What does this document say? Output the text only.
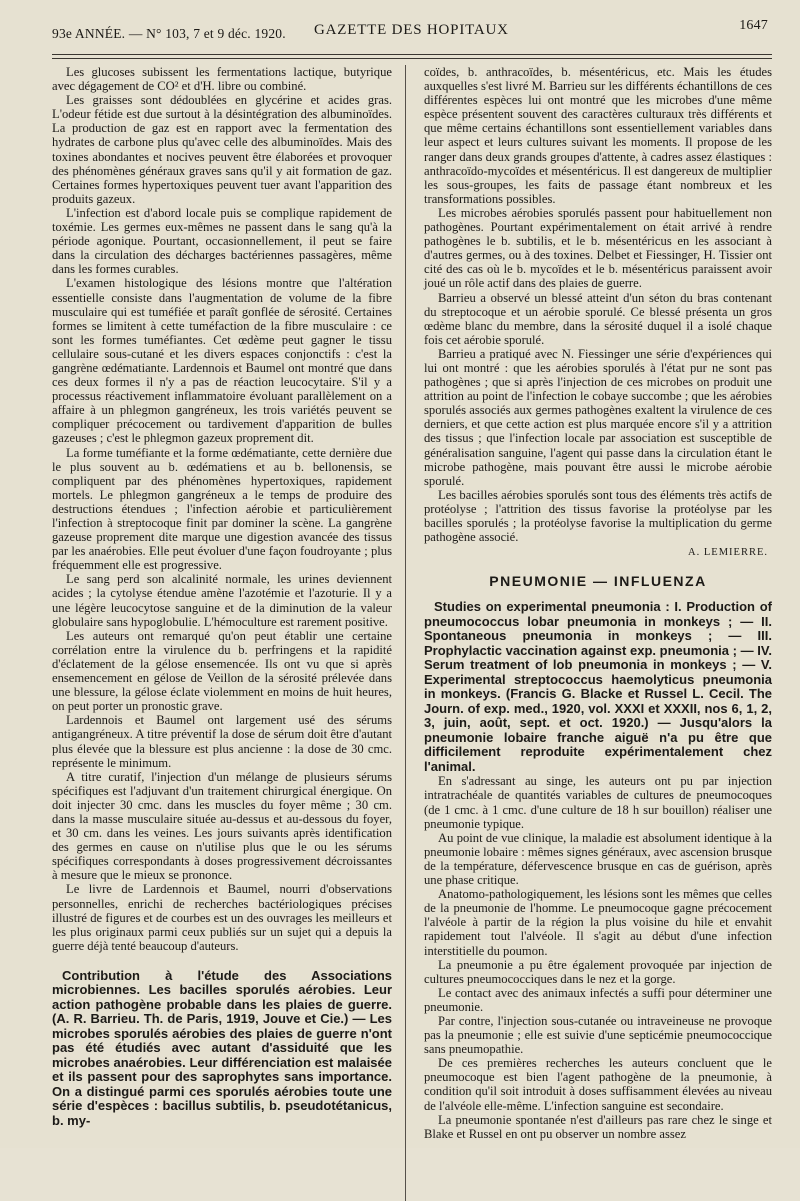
93e ANNÉE. — N° 103, 7 et 9 déc. 1920. GAZETTE DES HOPITAUX	1647

Les glucoses subissent les fermentations lactique, butyrique avec dégagement de CO² et d'H. libre ou combiné.

Les graisses sont dédoublées en glycérine et acides gras. L'odeur fétide est due surtout à la désintégration des albuminoïdes. La production de gaz est en rapport avec la fermentation des hydrates de carbone plus qu'avec celle des albuminoïdes. Mais des toxines abondantes et nocives peuvent être élaborées et provoquer des phénomènes généraux graves sans qu'il y ait formation de gaz. Certaines formes hypertoxiques peuvent tuer avant l'apparition des produits gazeux.

L'infection est d'abord locale puis se complique rapidement de toxémie. Les germes eux-mêmes ne passent dans le sang qu'à la période agonique. Pourtant, occasionnellement, il peut se faire dans la circulation des décharges bactériennes passagères, même dans les formes curables.

L'examen histologique des lésions montre que l'altération essentielle consiste dans l'augmentation de volume de la fibre musculaire qui est tuméfiée et paraît gonflée de sérosité. Certaines formes se limitent à cette tuméfaction de la fibre musculaire : ce sont les formes tuméfiantes. Cet œdème peut gagner le tissu cellulaire sous-cutané et les divers espaces conjonctifs : c'est la gangrène œdématiante. Lardennois et Baumel ont montré que dans ces deux formes il n'y a pas de réaction leucocytaire. S'il y a processus réactivement inflammatoire évoluant parallèlement on a affaire à un phlegmon gangréneux, les trois variétés peuvent se compliquer précocement ou tardivement d'apparition de bulles gazeuses ; c'est le phlegmon gazeux proprement dit.

La forme tuméfiante et la forme œdématiante, cette dernière due le plus souvent au b. œdématiens et au b. bellonensis, se compliquent par des phénomènes hypertoxiques, rapidement mortels. Le phlegmon gangréneux a le temps de produire des destructions étendues ; l'infection aérobie et particulièrement l'infection à streptocoque finit par dominer la scène. La gangrène gazeuse proprement dite marque une digestion avancée des tissus par les anaérobies. Elle peut évoluer d'une façon foudroyante ; plus fréquemment elle est progressive.

Le sang perd son alcalinité normale, les urines deviennent acides ; la cytolyse étendue amène l'azotémie et l'azoturie. Il y a une légère leucocytose sanguine et de la diminution de la valeur globulaire sans hypoglobulie. L'hémoculture est rarement positive.

Les auteurs ont remarqué qu'on peut établir une certaine corrélation entre la virulence du b. perfringens et la rapidité d'éclatement de la gélose ensemencée. Ils ont vu que si après ensemencement en gélose de Veillon de la sérosité prélevée dans une blessure, la gélose éclate violemment en moins de huit heures, on peut porter un pronostic grave.

Lardennois et Baumel ont largement usé des sérums antigangréneux. A titre préventif la dose de sérum doit être d'autant plus élevée que la blessure est plus ancienne : la dose de 30 cmc. représente le minimum.

A titre curatif, l'injection d'un mélange de plusieurs sérums spécifiques est l'adjuvant d'un traitement chirurgical énergique. On doit injecter 30 cmc. dans les muscles du foyer même ; 30 cm. dans la masse musculaire située au-dessus et au-dessous du foyer, et 30 cm. dans les veines. Les jours suivants après identification des germes en cause on n'utilise plus que le ou les sérums spécifiques correspondants à doses progressivement décroissantes à mesure que le mieux se prononce.

Le livre de Lardennois et Baumel, nourri d'observations personnelles, enrichi de recherches bactériologiques précises illustré de figures et de courbes est un des ouvrages les meilleurs et les plus originaux parmi ceux publiés sur un sujet qui a depuis la guerre déjà tenté beaucoup d'auteurs.

Contribution à l'étude des Associations microbiennes. Les bacilles sporulés aérobies. Leur action pathogène probable dans les plaies de guerre. (A. R. Barrieu. Th. de Paris, 1919, Jouve et Cie.) — Les microbes sporulés aérobies des plaies de guerre n'ont pas été étudiés avec autant d'assiduité que les microbes anaérobies. Leur différenciation est malaisée et ils passent pour des saprophytes sans importance. On a distingué parmi ces sporulés aérobies toute une série d'espèces : bacillus subtilis, b. pseudotétanicus, b. my-

coïdes, b. anthracoïdes, b. mésentéricus, etc. Mais les études auxquelles s'est livré M. Barrieu sur les différents échantillons de ces différentes espèces lui ont montré que les microbes d'une même espèce présentent souvent des caractères culturaux très différents et que même certains échantillons sont essentiellement variables dans leur aspect et leurs cultures suivant les moments. Il propose de les ranger dans deux grands groupes d'attente, à cadres assez élastiques : anthracoïdo-mycoïdes et mésentéricus. Il est dangereux de multiplier les sous-groupes, les faits de passage étant nombreux et les transformations possibles.

Les microbes aérobies sporulés passent pour habituellement non pathogènes. Pourtant expérimentalement on était arrivé à rendre pathogènes le b. subtilis, et le b. mésentéricus en les associant à d'autres germes, ou à des toxines. Delbet et Fiessinger, H. Tissier ont cité des cas où le b. mycoïdes et le b. mésentéricus paraissent avoir joué un rôle actif dans des plaies de guerre.

Barrieu a observé un blessé atteint d'un séton du bras contenant du streptocoque et un aérobie sporulé. Ce blessé présenta un gros œdème blanc du membre, dans la sérosité duquel il a isolé chaque fois cet aérobie sporulé.

Barrieu a pratiqué avec N. Fiessinger une série d'expériences qui lui ont montré : que les aérobies sporulés à l'état pur ne sont pas pathogènes ; que si après l'injection de ces microbes on produit une attrition au point de l'infection le cobaye succombe ; que les aérobies sporulés associés aux germes pathogènes exaltent la virulence de ces derniers, et que cette action est plus marquée encore s'il y a attrition des tissus ; que l'infection locale par association est susceptible de généralisation sanguine, l'agent qui passe dans la circulation étant le microbe pathogène, mais pouvant être aussi le microbe aérobie sporulé.

Les bacilles aérobies sporulés sont tous des éléments très actifs de protéolyse ; l'attrition des tissus favorise la protéolyse par les bacilles sporulés ; la protéolyse favorise la multiplication du germe pathogène associé.

A. LEMIERRE.
PNEUMONIE — INFLUENZA

Studies on experimental pneumonia : I. Production of pneumococcus lobar pneumonia in monkeys ; — II. Spontaneous pneumonia in monkeys ; — III. Prophylactic vaccination against exp. pneumonia ; — IV. Serum treatment of lob pneumonia in monkeys ; — V. Experimental streptococcus haemolyticus pneumonia in monkeys. (Francis G. Blacke et Russel L. Cecil. The Journ. of exp. med., 1920, vol. XXXI et XXXII, nos 6, 1, 2, 3, juin, août, sept. et oct. 1920.) — Jusqu'alors la pneumonie lobaire franche aiguë n'a pu être que difficilement reproduite expérimentalement chez l'animal.

En s'adressant au singe, les auteurs ont pu par injection intratrachéale de quantités variables de cultures de pneumocoques (de 1 cmc. à 1 cmc. d'une culture de 18 h sur bouillon) réaliser une pneumonie typique.

Au point de vue clinique, la maladie est absolument identique à la pneumonie lobaire : mêmes signes généraux, avec ascension brusque de la température, défervescence brusque en cas de guérison, après une phase critique.

Anatomo-pathologiquement, les lésions sont les mêmes que celles de la pneumonie de l'homme. Le pneumocoque gagne précocement l'alvéole à partir de la région la plus voisine du hile et envahit rapidement tout l'alvéole. Il s'agit au début d'une infection interstitielle du poumon.

La pneumonie a pu être également provoquée par injection de cultures pneumococciques dans le nez et la gorge.

Le contact avec des animaux infectés a suffi pour déterminer une pneumonie.

Par contre, l'injection sous-cutanée ou intraveineuse ne provoque pas la pneumonie ; elle est suivie d'une septicémie pneumococcique sans pneumopathie.

De ces premières recherches les auteurs concluent que le pneumocoque est bien l'agent pathogène de la pneumonie, à condition qu'il soit introduit à doses suffisamment élevées au niveau de l'alvéole elle-même. L'infection sanguine est secondaire.

La pneumonie spontanée n'est d'ailleurs pas rare chez le singe et Blake et Russel en ont pu observer un nombre assez
